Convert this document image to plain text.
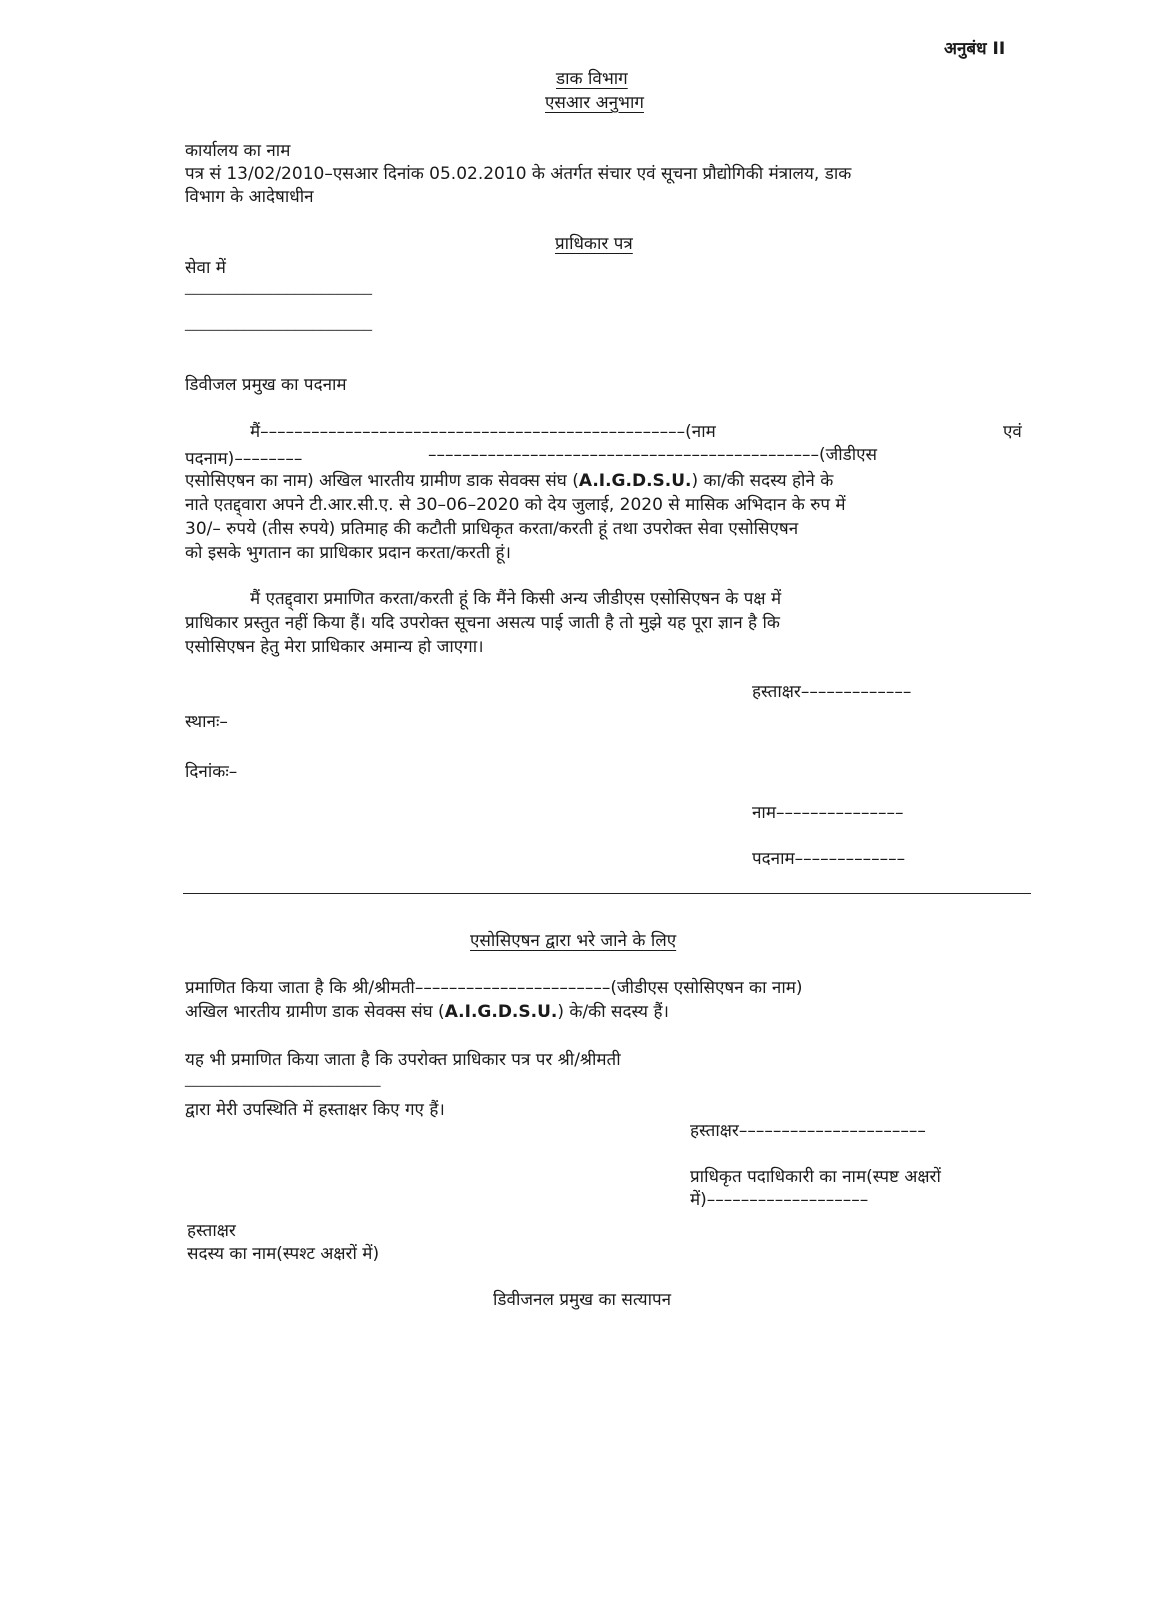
अनुबंध II
डाक विभाग
एसआर अनुभाग
कार्यालय का नाम
पत्र सं 13/02/2010–एसआर दिनांक 05.02.2010 के अंतर्गत संचार एवं सूचना प्रौद्योगिकी मंत्रालय, डाक
विभाग के आदेषाधीन
प्राधिकार पत्र
सेवा में
______________________
______________________
डिवीजल प्रमुख का पदनाम
मैं––––––––––––––––––––––––––––––––––––––––––––––––––(नाम	एवं
पदनाम)––––––––	––––––––––––––––––––––––––––––––––––––––––––––(जीडीएस
एसोसिएषन का नाम) अखिल भारतीय ग्रामीण डाक सेवक्स संघ (A.I.G.D.S.U.) का/की सदस्य होने के
नाते एतद्द्वारा अपने टी.आर.सी.ए. से 30–06–2020 को देय जुलाई, 2020 से मासिक अभिदान के रुप में
30/– रुपये (तीस रुपये) प्रतिमाह की कटौती प्राधिकृत करता/करती हूं तथा उपरोक्त सेवा एसोसिएषन
को इसके भुगतान का प्राधिकार प्रदान करता/करती हूं।
मैं एतद्द्वारा प्रमाणित करता/करती हूं कि मैंने किसी अन्य जीडीएस एसोसिएषन के पक्ष में
प्राधिकार प्रस्तुत नहीं किया हैं। यदि उपरोक्त सूचना असत्य पाई जाती है तो मुझे यह पूरा ज्ञान है कि
एसोसिएषन हेतु मेरा प्राधिकार अमान्य हो जाएगा।
हस्ताक्षर–––––––––––––
स्थानः–
दिनांकः–
नाम–––––––––––––––
पदनाम–––––––––––––
एसोसिएषन द्वारा भरे जाने के लिए
प्रमाणित किया जाता है कि श्री/श्रीमती–––––––––––––––––––––––(जीडीएस एसोसिएषन का नाम)
अखिल भारतीय ग्रामीण डाक सेवक्स संघ (A.I.G.D.S.U.) के/की सदस्य हैं।
यह भी प्रमाणित किया जाता है कि उपरोक्त प्राधिकार पत्र पर श्री/श्रीमती
_______________________
द्वारा मेरी उपस्थिति में हस्ताक्षर किए गए हैं।
हस्ताक्षर––––––––––––––––––––––
प्राधिकृत पदाधिकारी का नाम(स्पष्ट अक्षरों
में)–––––––––––––––––––
हस्ताक्षर
सदस्य का नाम(स्पश्ट अक्षरों में)
डिवीजनल प्रमुख का सत्यापन
